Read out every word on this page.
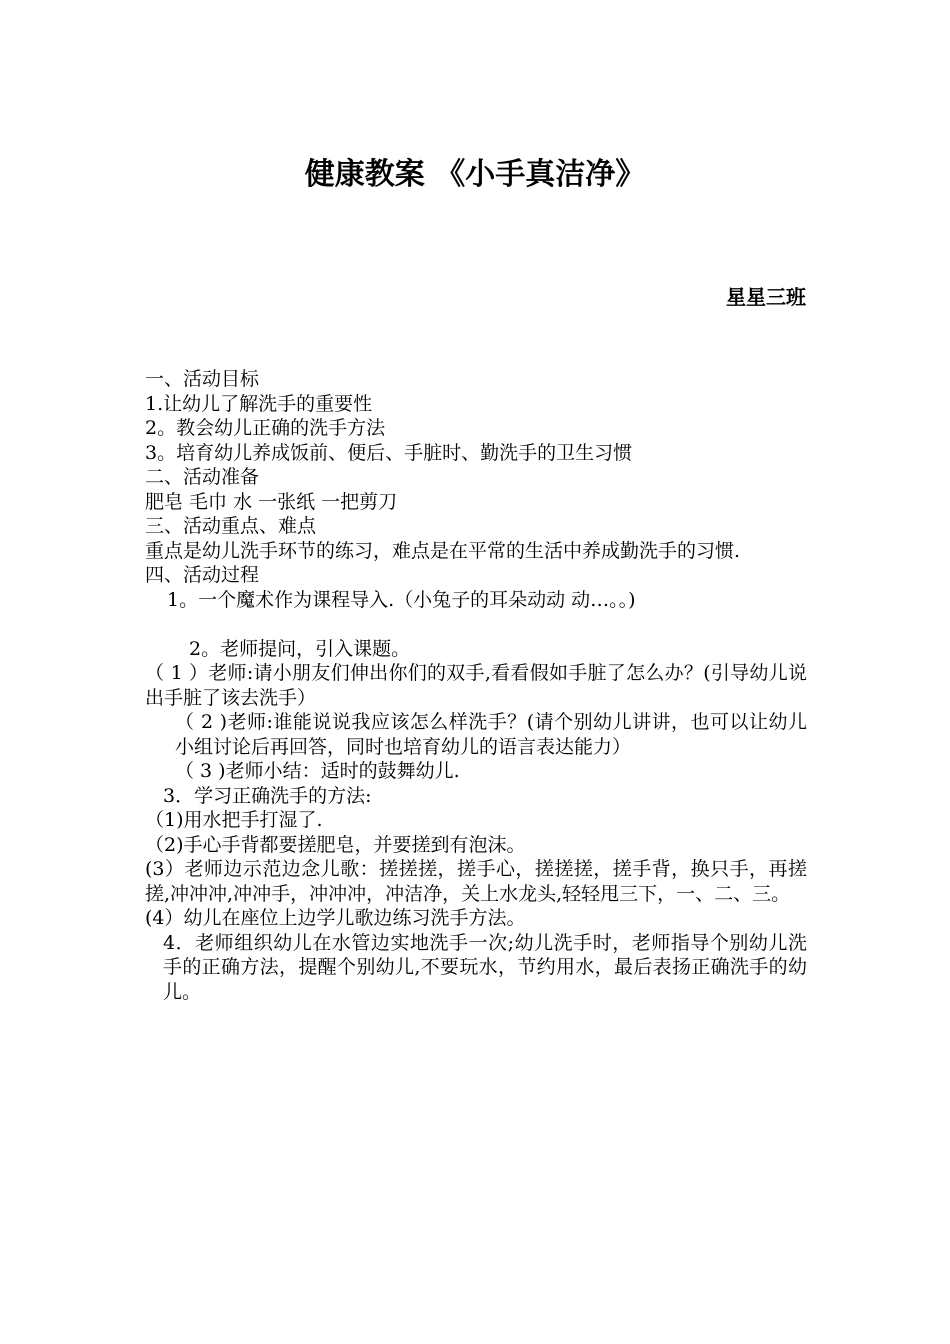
健康教案 《小手真洁净》
星星三班

一、活动目标

1.让幼儿了解洗手的重要性

2。教会幼儿正确的洗手方法

3。培育幼儿养成饭前、便后、手脏时、勤洗手的卫生习惯

二、活动准备

肥皂 毛巾 水 一张纸 一把剪刀

三、活动重点、难点

重点是幼儿洗手环节的练习，难点是在平常的生活中养成勤洗手的习惯.

四、活动过程

1。一个魔术作为课程导入.（小兔子的耳朵动动 动…。。)

2。老师提问，引入课题。

（ 1 ）老师:请小朋友们伸出你们的双手,看看假如手脏了怎么办？(引导幼儿说出手脏了该去洗手）

（ 2 )老师:谁能说说我应该怎么样洗手？(请个别幼儿讲讲，也可以让幼儿小组讨论后再回答，同时也培育幼儿的语言表达能力）

（ 3 )老师小结：适时的鼓舞幼儿.

3．学习正确洗手的方法:

（1)用水把手打湿了.

（2)手心手背都要搓肥皂，并要搓到有泡沫。

(3）老师边示范边念儿歌：搓搓搓，搓手心，搓搓搓，搓手背，换只手，再搓搓,冲冲冲,冲冲手，冲冲冲，冲洁净，关上水龙头,轻轻甩三下，一、二、三。

(4）幼儿在座位上边学儿歌边练习洗手方法。

4．老师组织幼儿在水管边实地洗手一次;幼儿洗手时，老师指导个别幼儿洗手的正确方法，提醒个别幼儿,不要玩水，节约用水，最后表扬正确洗手的幼儿。
